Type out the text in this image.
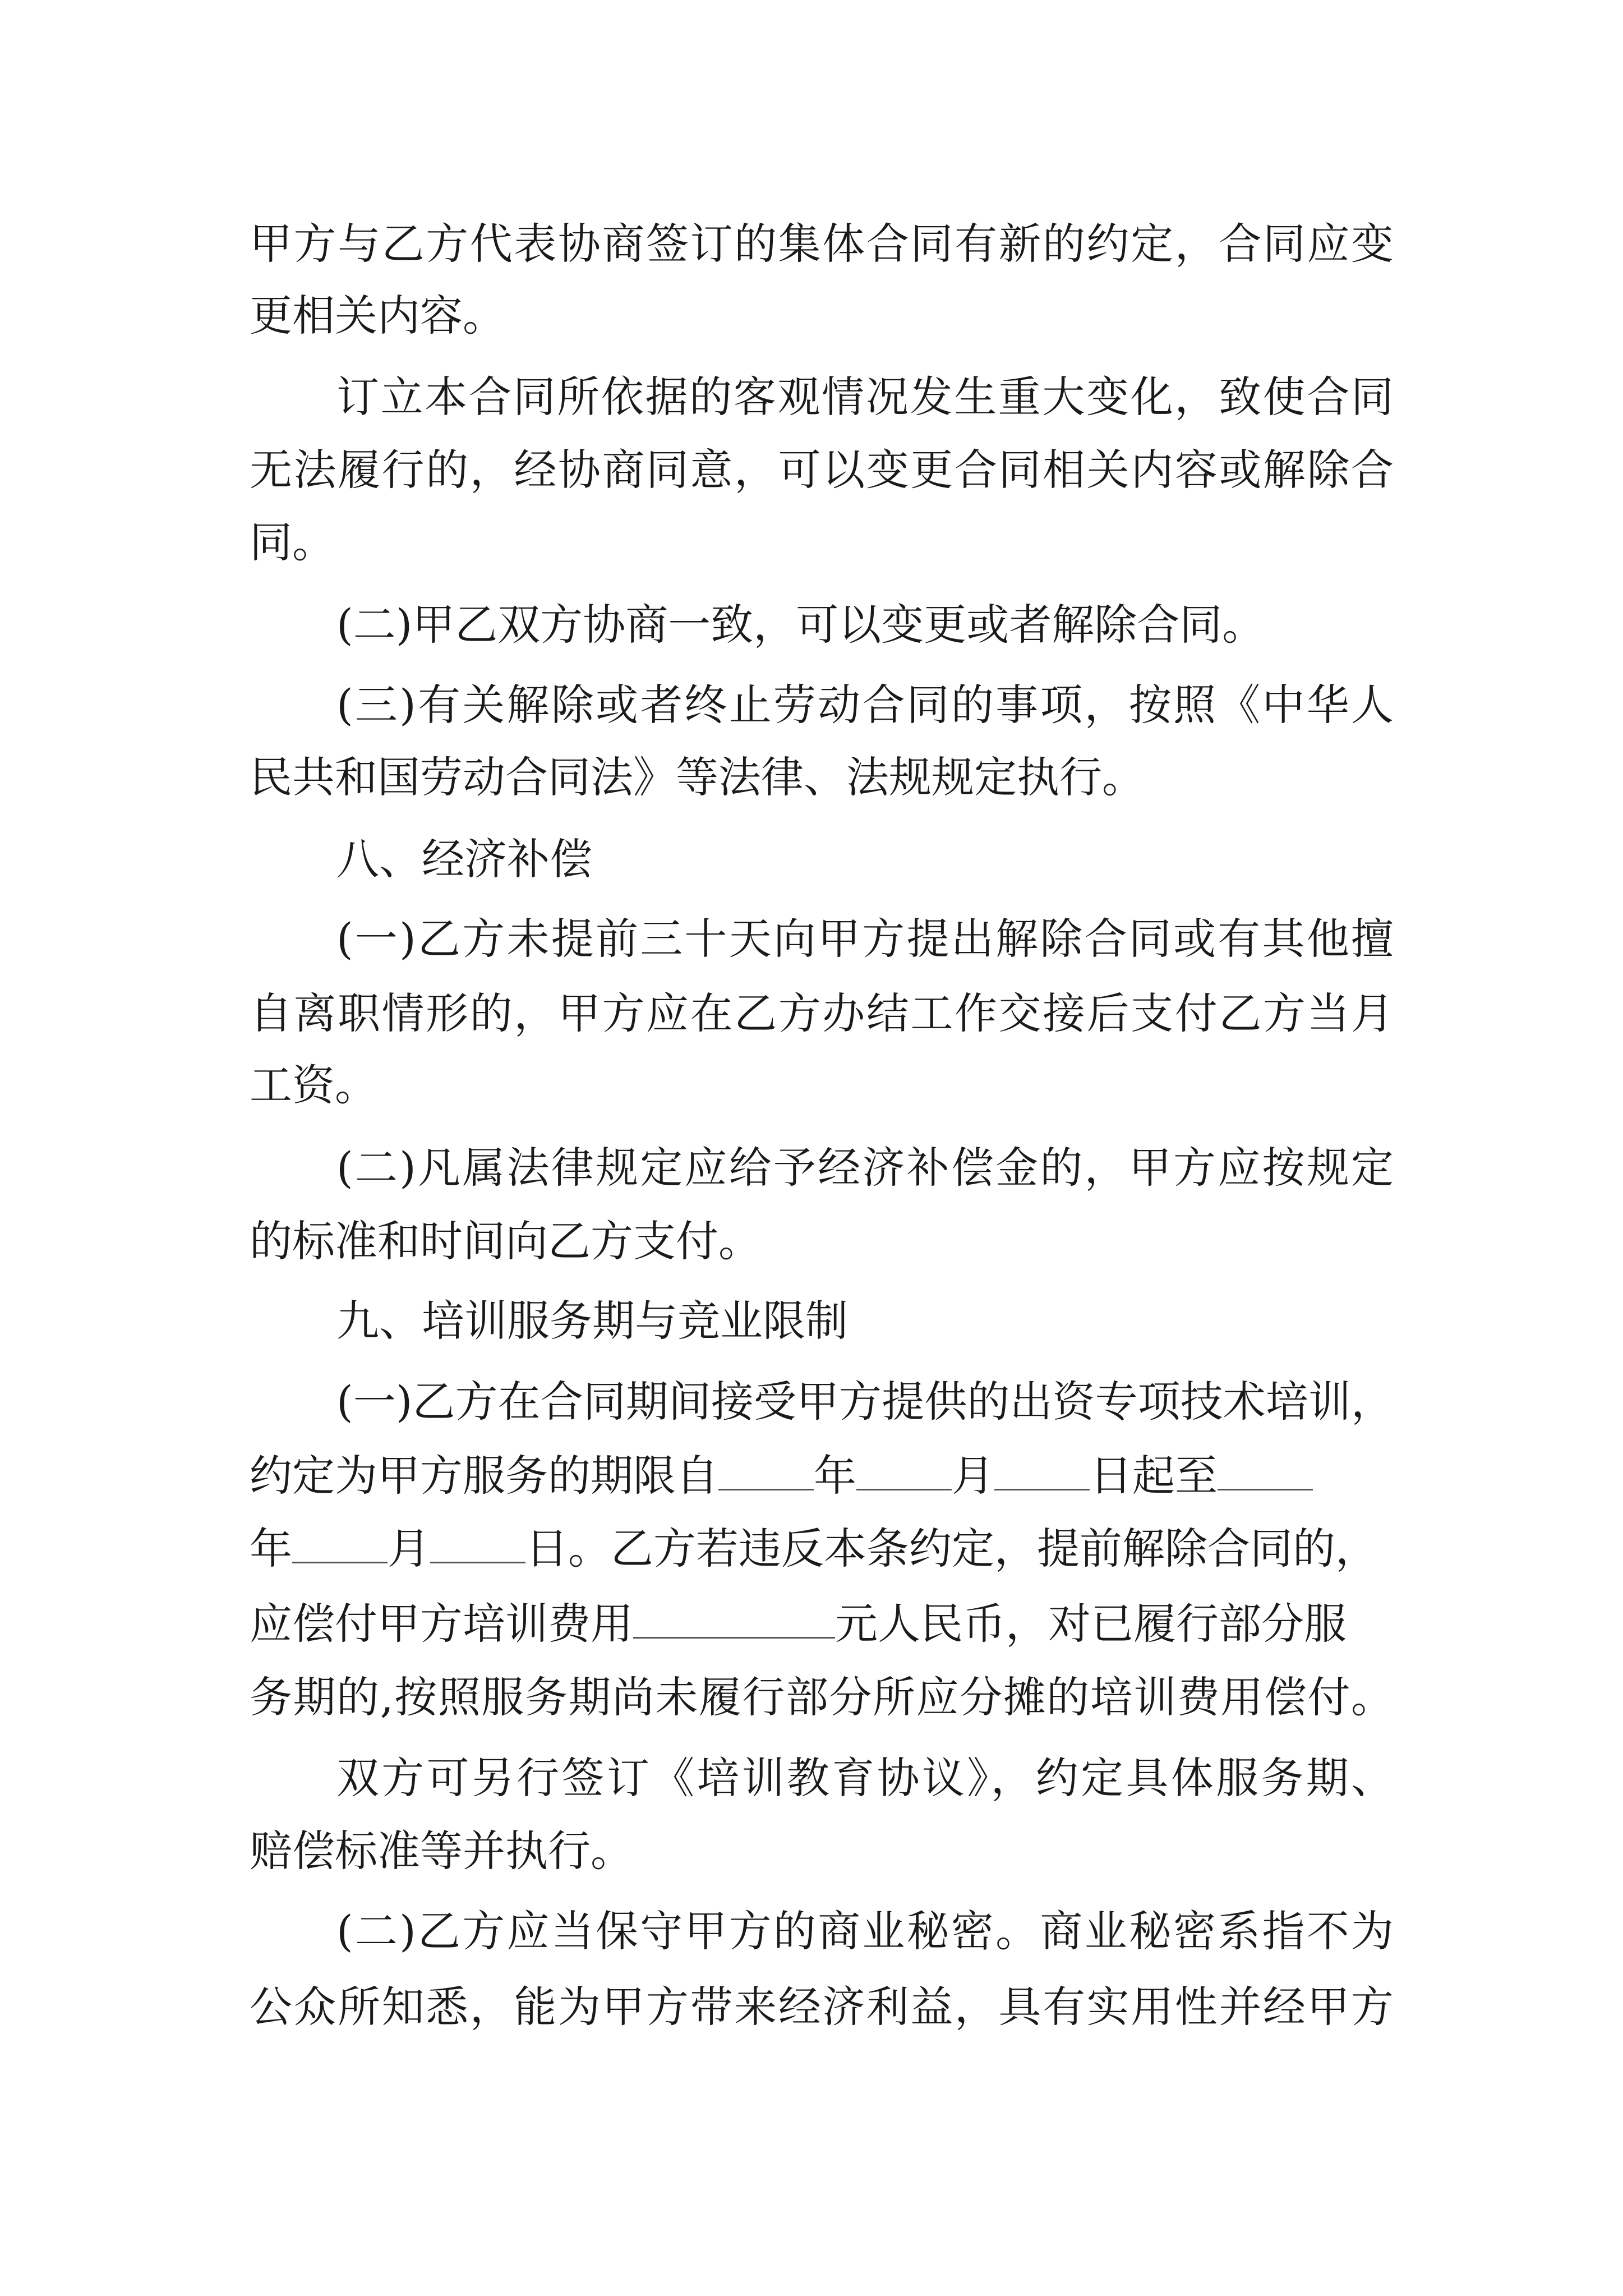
甲方与乙方代表协商签订的集体合同有新的约定，合同应变

更相关内容。

订立本合同所依据的客观情况发生重大变化，致使合同

无法履行的，经协商同意，可以变更合同相关内容或解除合

同。

(二)甲乙双方协商一致，可以变更或者解除合同。

(三)有关解除或者终止劳动合同的事项，按照《中华人

民共和国劳动合同法》等法律、法规规定执行。

八、经济补偿

(一)乙方未提前三十天向甲方提出解除合同或有其他擅

自离职情形的，甲方应在乙方办结工作交接后支付乙方当月

工资。

(二)凡属法律规定应给予经济补偿金的，甲方应按规定

的标准和时间向乙方支付。

九、培训服务期与竞业限制

(一)乙方在合同期间接受甲方提供的出资专项技术培训，

约定为甲方服务的期限自 年 月 日起至

年 月 日。乙方若违反本条约定，提前解除合同的，

应偿付甲方培训费用	元人民币，对已履行部分服

务期的,按照服务期尚未履行部分所应分摊的培训费用偿付。

双方可另行签订《培训教育协议》，约定具体服务期、

赔偿标准等并执行。

(二)乙方应当保守甲方的商业秘密。商业秘密系指不为

公众所知悉，能为甲方带来经济利益，具有实用性并经甲方
